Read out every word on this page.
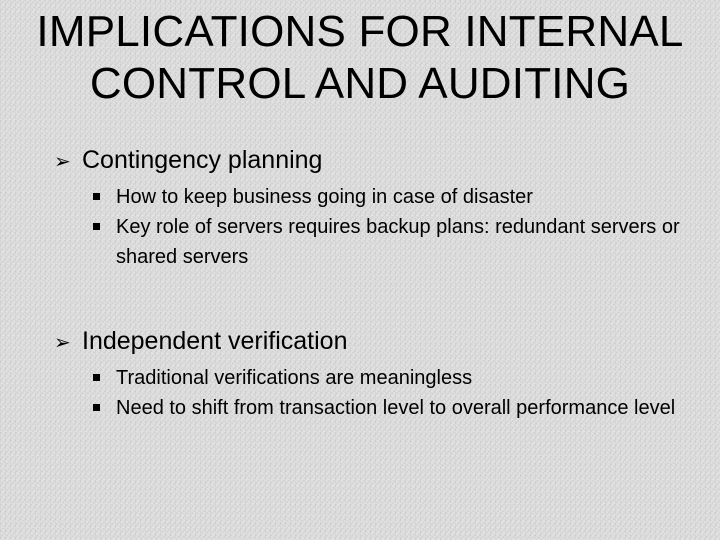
IMPLICATIONS FOR INTERNAL
CONTROL AND AUDITING
➢ Contingency planning
How to keep business going in case of disaster
Key role of servers requires backup plans: redundant servers or shared servers
➢ Independent verification
Traditional verifications are meaningless
Need to shift from transaction level to overall performance level
